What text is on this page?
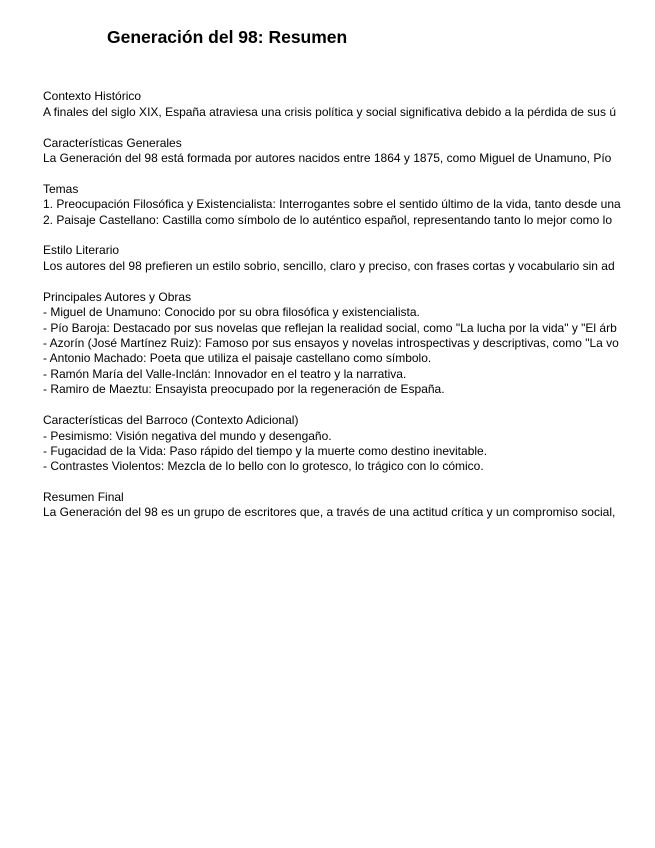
Generación del 98: Resumen

Contexto Histórico

A finales del siglo XIX, España atraviesa una crisis política y social significativa debido a la pérdida de sus ú

Características Generales

La Generación del 98 está formada por autores nacidos entre 1864 y 1875, como Miguel de Unamuno, Pío

Temas

1. Preocupación Filosófica y Existencialista: Interrogantes sobre el sentido último de la vida, tanto desde una

2. Paisaje Castellano: Castilla como símbolo de lo auténtico español, representando tanto lo mejor como lo

Estilo Literario

Los autores del 98 prefieren un estilo sobrio, sencillo, claro y preciso, con frases cortas y vocabulario sin ad

Principales Autores y Obras

- Miguel de Unamuno: Conocido por su obra filosófica y existencialista.

- Pío Baroja: Destacado por sus novelas que reflejan la realidad social, como "La lucha por la vida" y "El árb

- Azorín (José Martínez Ruiz): Famoso por sus ensayos y novelas introspectivas y descriptivas, como "La vo

- Antonio Machado: Poeta que utiliza el paisaje castellano como símbolo.

- Ramón María del Valle-Inclán: Innovador en el teatro y la narrativa.

- Ramiro de Maeztu: Ensayista preocupado por la regeneración de España.

Características del Barroco (Contexto Adicional)

- Pesimismo: Visión negativa del mundo y desengaño.

- Fugacidad de la Vida: Paso rápido del tiempo y la muerte como destino inevitable.

- Contrastes Violentos: Mezcla de lo bello con lo grotesco, lo trágico con lo cómico.

Resumen Final

La Generación del 98 es un grupo de escritores que, a través de una actitud crítica y un compromiso social,
